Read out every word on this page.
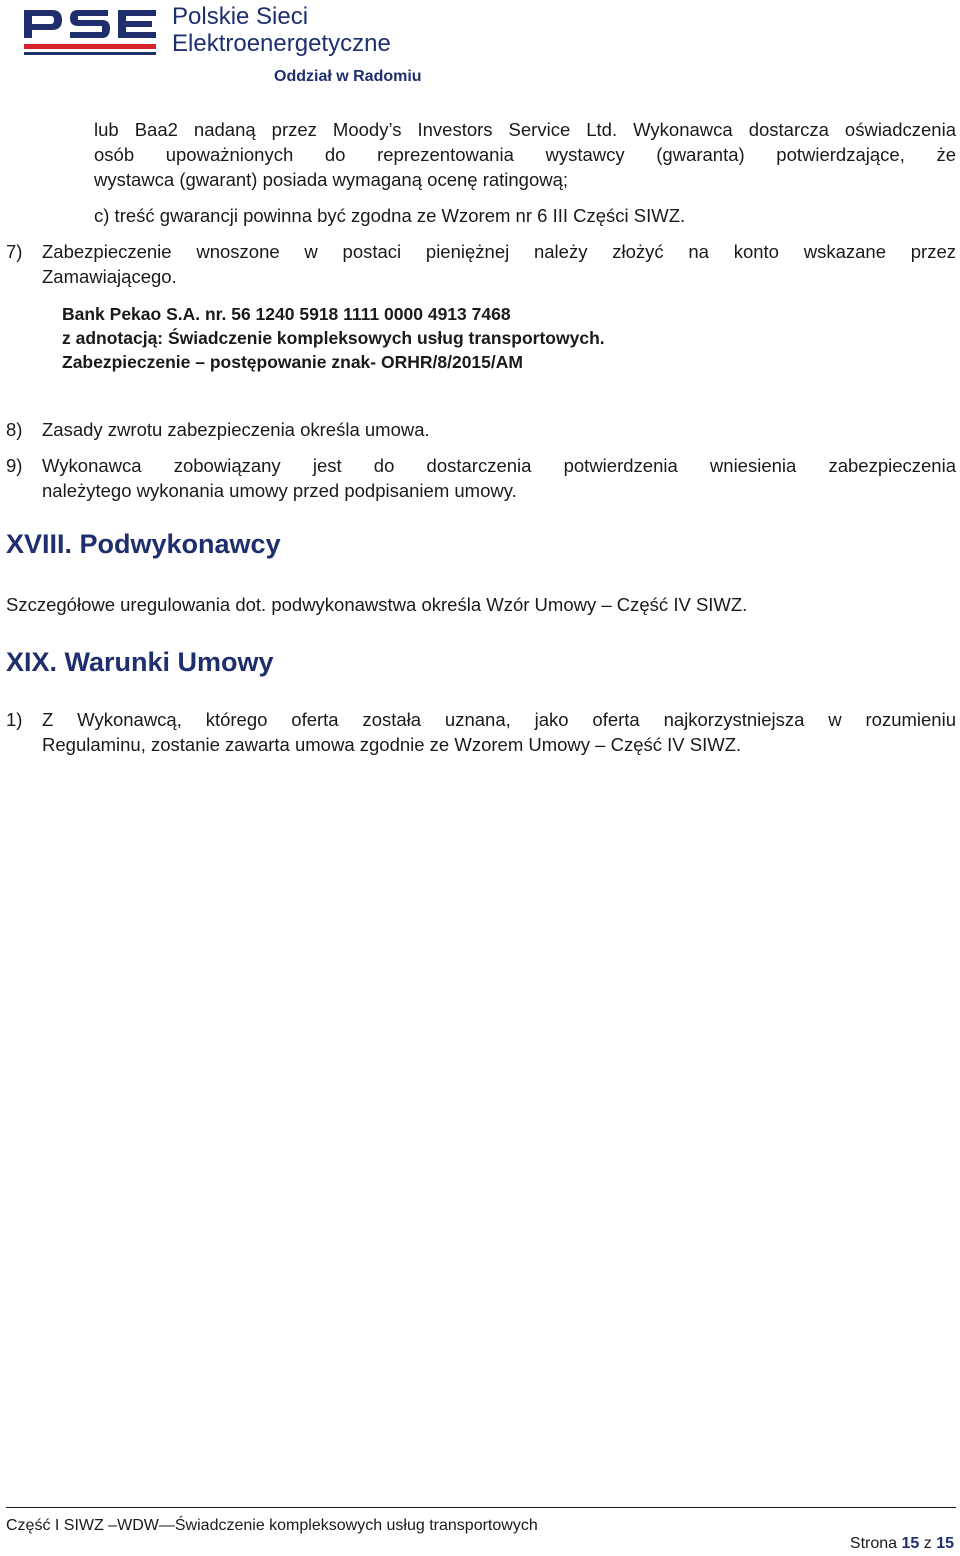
Polskie Sieci
Elektroenergetyczne
Oddział w Radomiu
lub Baa2 nadaną przez Moody’s Investors Service Ltd. Wykonawca dostarcza oświadczenia
osób upoważnionych do reprezentowania wystawcy (gwaranta) potwierdzające, że
wystawca (gwarant) posiada wymaganą ocenę ratingową;
c) treść gwarancji powinna być zgodna ze Wzorem nr 6 III Części SIWZ.
7) Zabezpieczenie wnoszone w postaci pieniężnej należy złożyć na konto wskazane przez
Zamawiającego.
Bank Pekao S.A. nr. 56 1240 5918 1111 0000 4913 7468
z adnotacją: Świadczenie kompleksowych usług transportowych.
Zabezpieczenie – postępowanie znak- ORHR/8/2015/AM
8) Zasady zwrotu zabezpieczenia określa umowa.
9) Wykonawca zobowiązany jest do dostarczenia potwierdzenia wniesienia zabezpieczenia
należytego wykonania umowy przed podpisaniem umowy.
XVIII. Podwykonawcy
Szczegółowe uregulowania dot. podwykonawstwa określa Wzór Umowy – Część IV SIWZ.
XIX. Warunki Umowy
1) Z Wykonawcą, którego oferta została uznana, jako oferta najkorzystniejsza w rozumieniu
Regulaminu, zostanie zawarta umowa zgodnie ze Wzorem Umowy – Część IV SIWZ.
Część I SIWZ –WDW—Świadczenie kompleksowych usług transportowych
Strona 15 z 15
